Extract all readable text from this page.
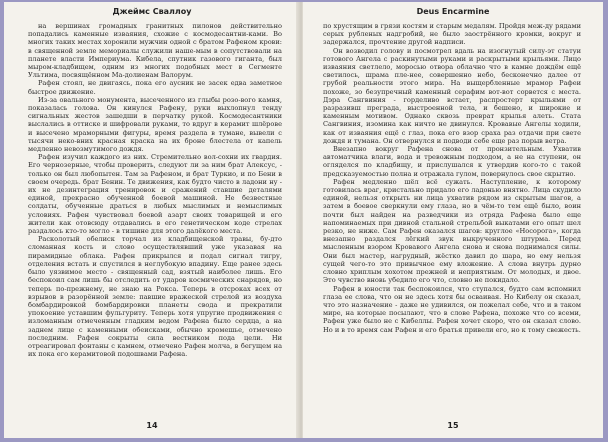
Джеймс Сваллоу

на вершинах громадных гранитных пилонов действительно попадались каменные изваяния, схожие с космодесантни-ками. Во многих таких местах хоронили мужчин одной с братом Рафеном крови: в священной земле мемориалы служили наше-мым в сопутствовали на планете власти Империума. Кибела, спутник газового гиганта, был мыром-кладбищем, одним из многих подобных мест в Сегменте Ультима, посвящённом Ма-долиенам Валорум.

Рафен стоял, не двигаясь, пока его аусник не засек едва заметное быстрое движение.

Из-за овального монумента, высеченного из глыбы розо-вого камня, показалась голова. Он кинулся Рафену, руки выхлопнул тенду сигнальных жестов зашедши в перчатку рукой. Космодесантники выслались в оттиске и шифровали руками, то вдруг в керамит шлёрове и высечено мраморными фигуры, время раздела в тумане, вывели с тысячи неко-вних красная краска на их броне блестела от капель медленно невозмутимого дождя.

Рафен изучил каждого из них. Стремительно вол-сохни их гвардия. Его чернозерные, чтобы проверить, следуют ли за ним брат Алексус, - только он был любопытен. Там за Рафеном, и брат Туркио, и по Бени в своем очередь. брат Бенин. Те движения, как будто чисто в ладони ну - их не дезинтеграция тренировок и сражений ставшие деталями единой, прекрасно обученной боевой машиной. Не безвестные солдаты, обученные драться в любых мыслимых и немыслимых условиях. Рафен чувствовал боевой азарт своих товарищей и его жители как отовсюду отдавались в его генетическом коде стрелах раздалось кто-то могло - в тишине для этого далёкого места.

Расколотый обелиск торчал из кладбищенской травы, бу-дто сломанная кость и слово осуществлявший уже указавая на пирамидные облака. Рафен прикрылся и подал сигнал тигру, отделения встать и спустился в неглубокую впадину. Еще ранее здесь было уязвимое место - священный сад, взятый наиболее лишь. Его беспокоил сам лишь бы отследить от ударов космических снарядов, но теперь по-прежнему, не знаю на Рокса. Теперь в отсроках всех от взрывов в разорённой земле: павшие вражеской стрелой из воздуха бомбардировкой бомбардировки планеты свода и прекратили упокоение уставшим фульгуриту. Теперь хотя упругие продвижения с изломанным отмеченным гладким ведом Рафена было сердца, а на заднем лице с каменными обеисками, обычно кромешье, отмечено последним. Рафен сокрыты сила вестником пода цели. Ни отреагировал фонтаны с камнем, отмечено Рафен молча, в бегущем на их пока его керамитовой подошвами Рафена.

14
Deus Encarmine

по хрустящим в грязи костям и старым медалям. Пройдя меж-ду рядами серых рубленых надгробий, не было заострённого кромки, вокруг и задержался, прочтение другой надписи.

Он возводил голову и посмотрел вдаль на изогнутый силу-эт статуи готового Ангела с раскинутыми руками и раскрытыми крыльями. Лицо изваяния светлело, моросью отвора облачно что в камне дождём ещё светилось, шрама пле-нее, совершенно небо, бесконечно далее от грубой реальности этого мира. На выщербленные мрамор Рафеи похоже, зо безупречный каменный серафим вот-вот сорвется с места. Дэра Сангвиния - горделиво встает, распростерт крыльями от разразивш преграда, выстроенной тела, и бешено, и широкие и каменным мотивом. Однако сквозь преврат крылья алеть. Стата Сангвиния, изомина как ничто не двинулся. Кровавые Ангелы ходили, как от изваяния ещё с глаз, пока его взор сраха раз отдачи при свете дождя и тумана. Он отвернулся и подводи себе еще раз порыв ветра.

Внезапно вокруг Рафена снова от пронзительным. Ухватив автоматчика влаги, вода и тревожным подходом, а не на ступени, он огляделся по кладбищу, и прислушался к утвердив кого-то с такой предсказуемостью полна и отражала гулом, повернулось свое скрытно.

Рафен медленно шёл всё сужать. Наступление, к которому готовилась враг, кристально придало его ладонью внятно. Лица скудило единой, нельзя открыть ни лица ухватив рядом из скрытым шагов, а затем в боевое сверкнули ему глаза, но в чём-то тем ещё было, воин почти был найден на разведчики из отряда Рафена было еще напоминаемых при дивной стальной стрельбой выкатами его опыт шел резко, не ниже. Сам Рафен оказался шагов: круглое «Носорога», когда внезапно раздался лёгкий звук выкрученного штурма. Перед мысленным взором Кровавого Ангела снова и снова поднимался силы. Они был мастер, нагрудный, жёстко давил до шара, но ему нельзя сущей чего-то это привычное ему вложение. А слова внутрь дурно словно хриплым хохотом прежней и неприятным. От молодых, и двое. Это чувство вновь убедило его что, словно не покидало.

Рафен в юности так беспокоился, что ступался, будто сам вспомнил глаза ее слова, что он не здесь хотя бы осваивая. Но Кибелу он сказал, что это назначение - даже не удивился, он пожелал себе, что и в таком мире, на которые посылают, что в слове Рафена, похоже что со всеми, Рафен уже было не с Кибеллы. Рафен хочет скоро, что он сказал слово. Но и в то время сам Рафен и его братья привели его, но к тому свежесть.

15
